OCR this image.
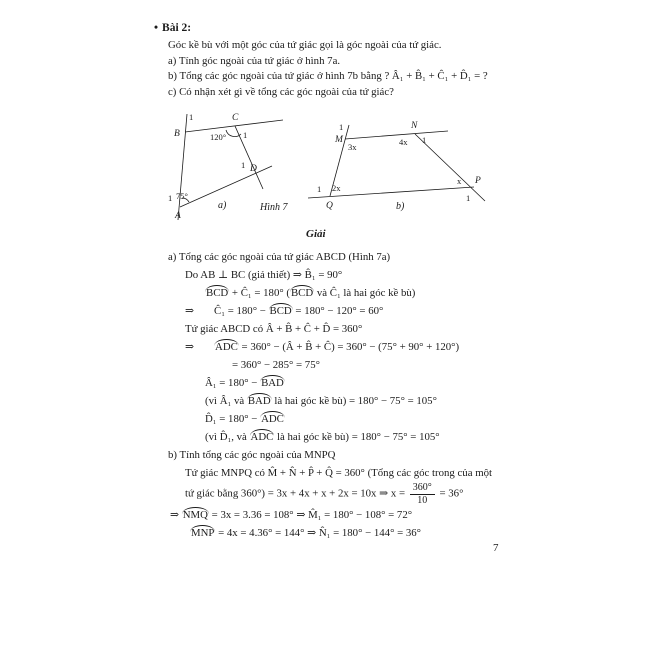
• Bài 2:
Góc kề bù với một góc của tứ giác gọi là góc ngoài của tứ giác.
a) Tính góc ngoài của tứ giác ở hình 7a.
b) Tổng các góc ngoài của tứ giác ở hình 7b bằng ? Â₁ + B̂₁ + Ĉ₁ + D̂₁ = ?
c) Có nhận xét gì về tổng các góc ngoài của tứ giác?
B
1	C
120° 1
1 D
1 75°
A
a)
1
M
3x
N
4x 1
1 2x
Q
x P
1
b)
Hình 7
Giải
a) Tổng các góc ngoài của tứ giác ABCD (Hình 7a)
Do AB ⊥ BC (giả thiết) ⇒ B̂₁ = 90°
BCD + Ĉ₁ = 180° (BCD và Ĉ₁ là hai góc kề bù)
⇒ Ĉ₁ = 180° − BCD = 180° − 120° = 60°
Tứ giác ABCD có Â + B̂ + Ĉ + D̂ = 360°
⇒ ADC = 360° − (Â + B̂ + Ĉ) = 360° − (75° + 90° + 120°)
= 360° − 285° = 75°
Â₁ = 180° − BAD
(vì Â₁ và BAD là hai góc kề bù) = 180° − 75° = 105°
D̂₁ = 180° − ADC
(vì D̂₁, và ADC là hai góc kề bù) = 180° − 75° = 105°
b) Tính tổng các góc ngoài của MNPQ
Tứ giác MNPQ có M̂ + N̂ + P̂ + Q̂ = 360° (Tổng các góc trong của một
tứ giác bằng 360°) = 3x + 4x + x + 2x = 10x ⇒ $x = \frac{360^\circ}{10} = 36^\circ$
⇒ NMQ = 3x = 3.36 = 108° ⇒ M̂₁ = 180° − 108° = 72°
MNP = 4x = 4.36° = 144° ⇒ N̂₁ = 180° − 144° = 36°
7
